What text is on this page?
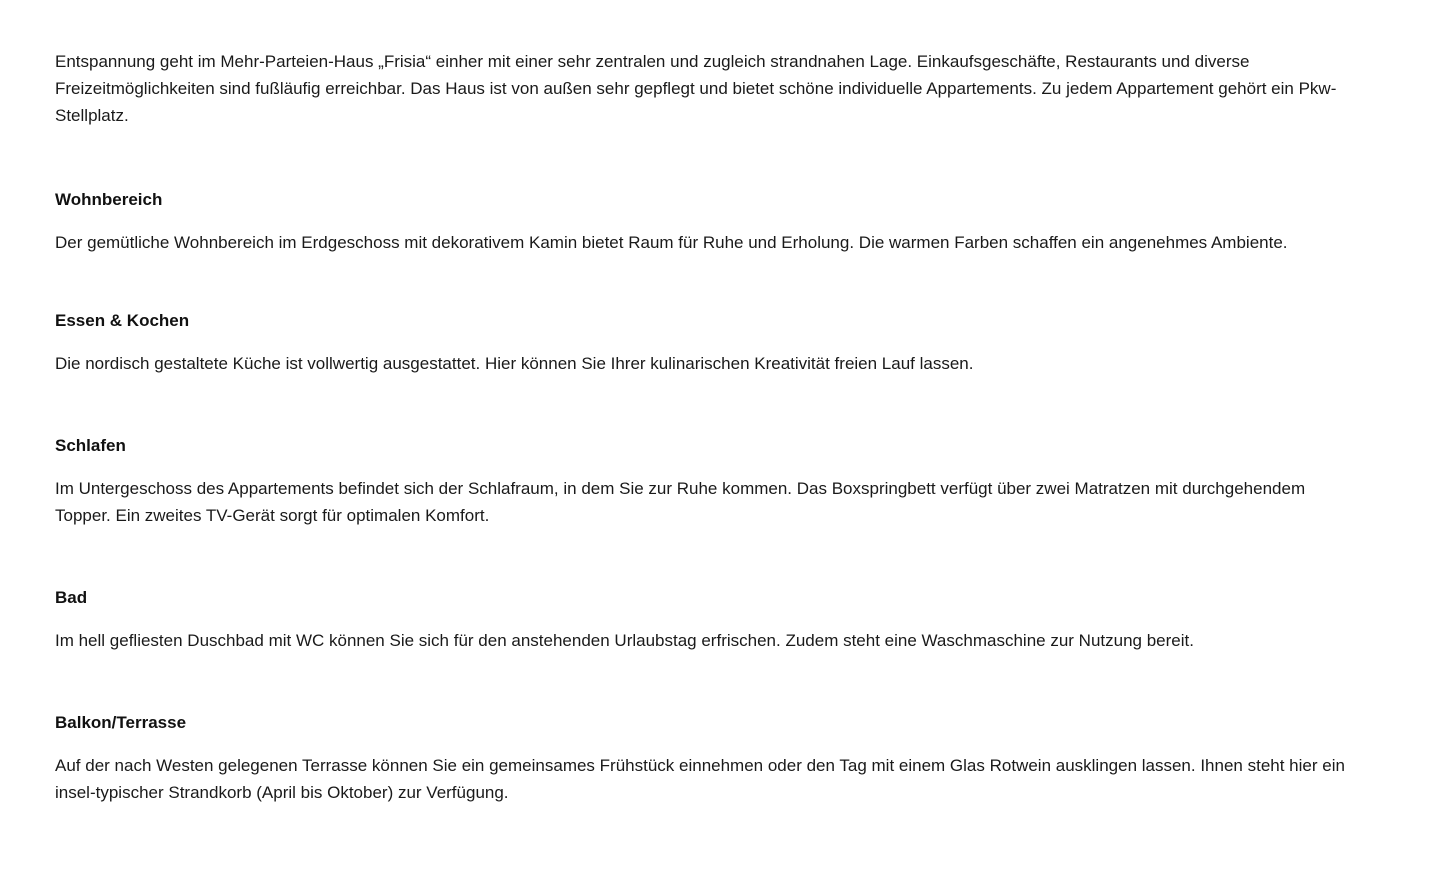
Entspannung geht im Mehr-Parteien-Haus „Frisia“ einher mit einer sehr zentralen und zugleich strandnahen Lage. Einkaufsgeschäfte, Restaurants und diverse Freizeitmöglichkeiten sind fußläufig erreichbar. Das Haus ist von außen sehr gepflegt und bietet schöne individuelle Appartements. Zu jedem Appartement gehört ein Pkw-Stellplatz.

Wohnbereich

Der gemütliche Wohnbereich im Erdgeschoss mit dekorativem Kamin bietet Raum für Ruhe und Erholung. Die warmen Farben schaffen ein angenehmes Ambiente.

Essen & Kochen

Die nordisch gestaltete Küche ist vollwertig ausgestattet. Hier können Sie Ihrer kulinarischen Kreativität freien Lauf lassen.

Schlafen

Im Untergeschoss des Appartements befindet sich der Schlafraum, in dem Sie zur Ruhe kommen. Das Boxspringbett verfügt über zwei Matratzen mit durchgehendem Topper. Ein zweites TV-Gerät sorgt für optimalen Komfort.

Bad

Im hell gefliesten Duschbad mit WC können Sie sich für den anstehenden Urlaubstag erfrischen. Zudem steht eine Waschmaschine zur Nutzung bereit.

Balkon/Terrasse

Auf der nach Westen gelegenen Terrasse können Sie ein gemeinsames Frühstück einnehmen oder den Tag mit einem Glas Rotwein ausklingen lassen. Ihnen steht hier ein insel-typischer Strandkorb (April bis Oktober) zur Verfügung.
